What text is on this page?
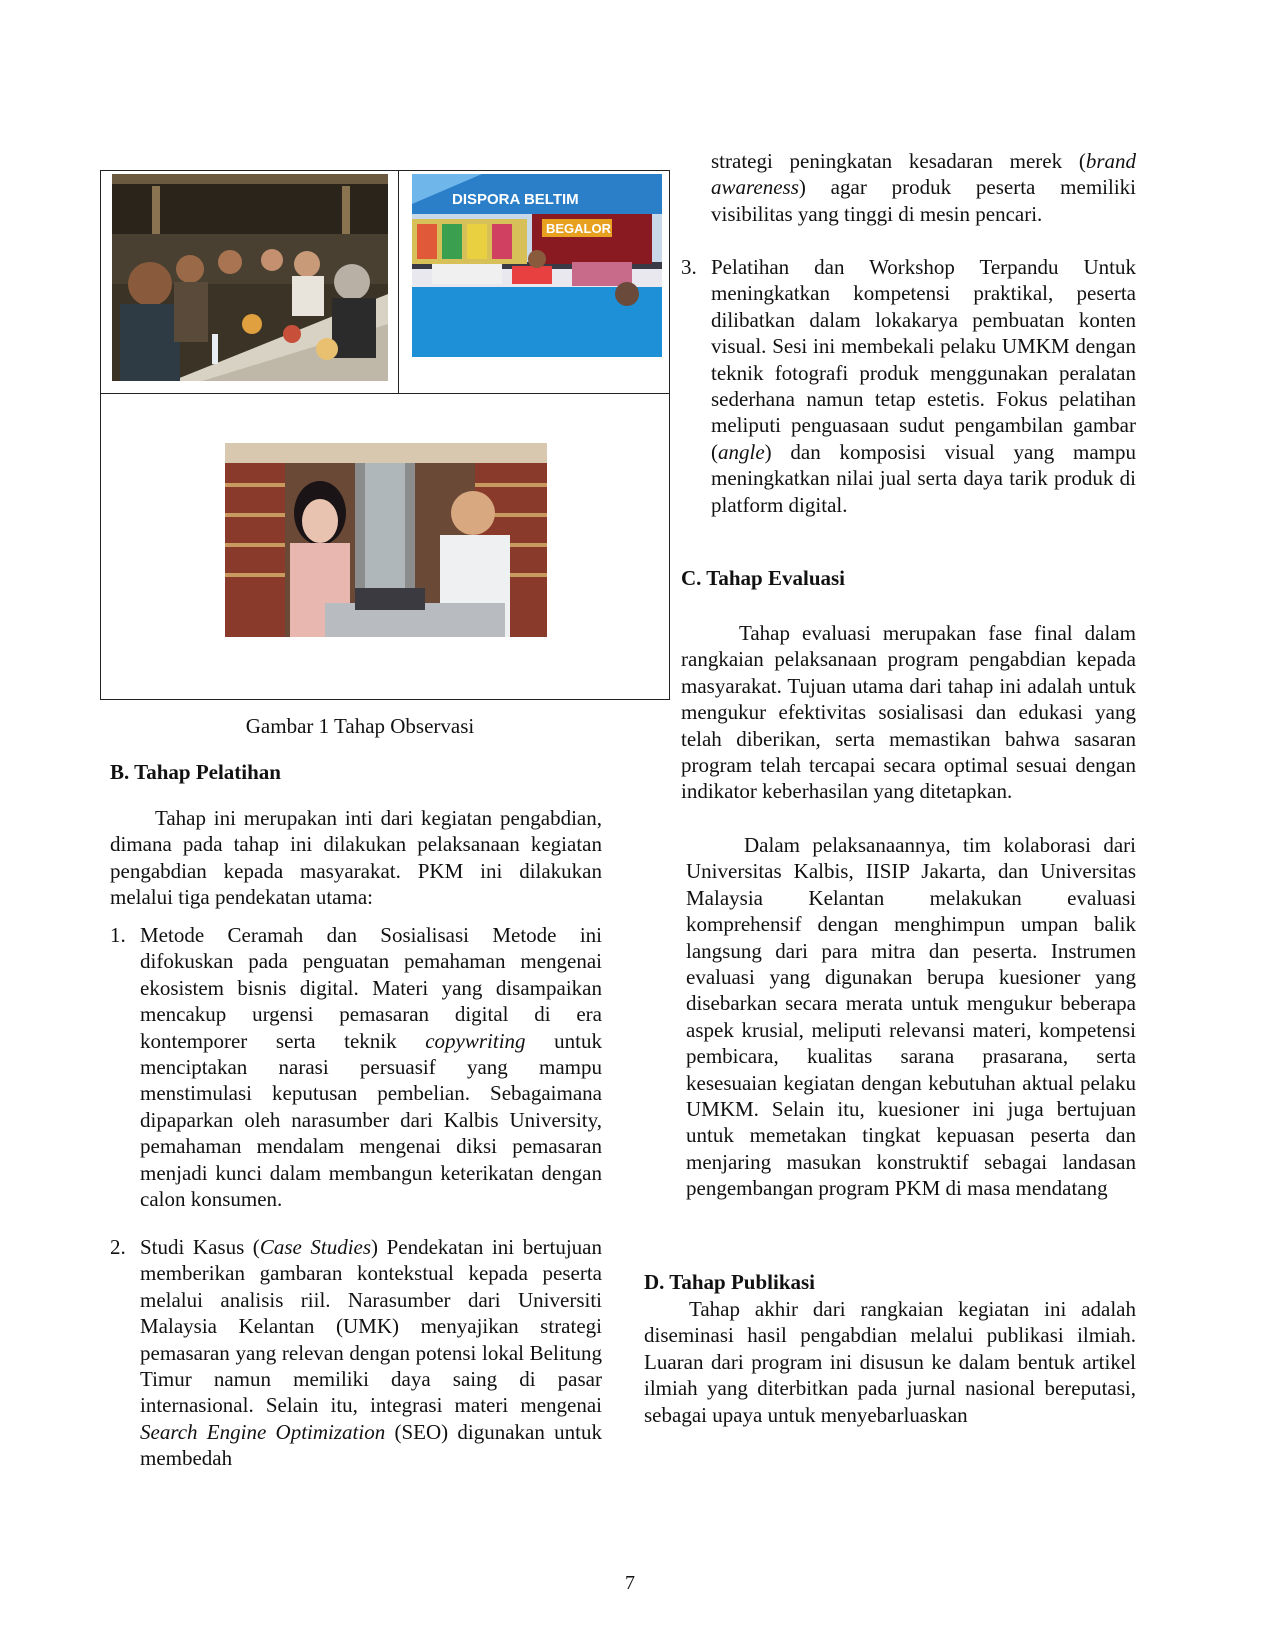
DISPORA BELTIM
BEGALOR
Gambar 1 Tahap Observasi
B. Tahap Pelatihan

Tahap ini merupakan inti dari kegiatan pengabdian, dimana pada tahap ini dilakukan pelaksanaan kegiatan pengabdian kepada masyarakat. PKM ini dilakukan melalui tiga pendekatan utama:

1. Metode Ceramah dan Sosialisasi Metode ini difokuskan pada penguatan pemahaman mengenai ekosistem bisnis digital. Materi yang disampaikan mencakup urgensi pemasaran digital di era kontemporer serta teknik copywriting untuk menciptakan narasi persuasif yang mampu menstimulasi keputusan pembelian. Sebagaimana dipaparkan oleh narasumber dari Kalbis University, pemahaman mendalam mengenai diksi pemasaran menjadi kunci dalam membangun keterikatan dengan calon konsumen.
2. Studi Kasus (Case Studies) Pendekatan ini bertujuan memberikan gambaran kontekstual kepada peserta melalui analisis riil. Narasumber dari Universiti Malaysia Kelantan (UMK) menyajikan strategi pemasaran yang relevan dengan potensi lokal Belitung Timur namun memiliki daya saing di pasar internasional. Selain itu, integrasi materi mengenai Search Engine Optimization (SEO) digunakan untuk membedah
strategi peningkatan kesadaran merek (brand awareness) agar produk peserta memiliki visibilitas yang tinggi di mesin pencari.
3. Pelatihan dan Workshop Terpandu Untuk meningkatkan kompetensi praktikal, peserta dilibatkan dalam lokakarya pembuatan konten visual. Sesi ini membekali pelaku UMKM dengan teknik fotografi produk menggunakan peralatan sederhana namun tetap estetis. Fokus pelatihan meliputi penguasaan sudut pengambilan gambar (angle) dan komposisi visual yang mampu meningkatkan nilai jual serta daya tarik produk di platform digital.
C. Tahap Evaluasi

Tahap evaluasi merupakan fase final dalam rangkaian pelaksanaan program pengabdian kepada masyarakat. Tujuan utama dari tahap ini adalah untuk mengukur efektivitas sosialisasi dan edukasi yang telah diberikan, serta memastikan bahwa sasaran program telah tercapai secara optimal sesuai dengan indikator keberhasilan yang ditetapkan.

Dalam pelaksanaannya, tim kolaborasi dari Universitas Kalbis, IISIP Jakarta, dan Universitas Malaysia Kelantan melakukan evaluasi komprehensif dengan menghimpun umpan balik langsung dari para mitra dan peserta. Instrumen evaluasi yang digunakan berupa kuesioner yang disebarkan secara merata untuk mengukur beberapa aspek krusial, meliputi relevansi materi, kompetensi pembicara, kualitas sarana prasarana, serta kesesuaian kegiatan dengan kebutuhan aktual pelaku UMKM. Selain itu, kuesioner ini juga bertujuan untuk memetakan tingkat kepuasan peserta dan menjaring masukan konstruktif sebagai landasan pengembangan program PKM di masa mendatang

D. Tahap Publikasi

Tahap akhir dari rangkaian kegiatan ini adalah diseminasi hasil pengabdian melalui publikasi ilmiah. Luaran dari program ini disusun ke dalam bentuk artikel ilmiah yang diterbitkan pada jurnal nasional bereputasi, sebagai upaya untuk menyebarluaskan

7
